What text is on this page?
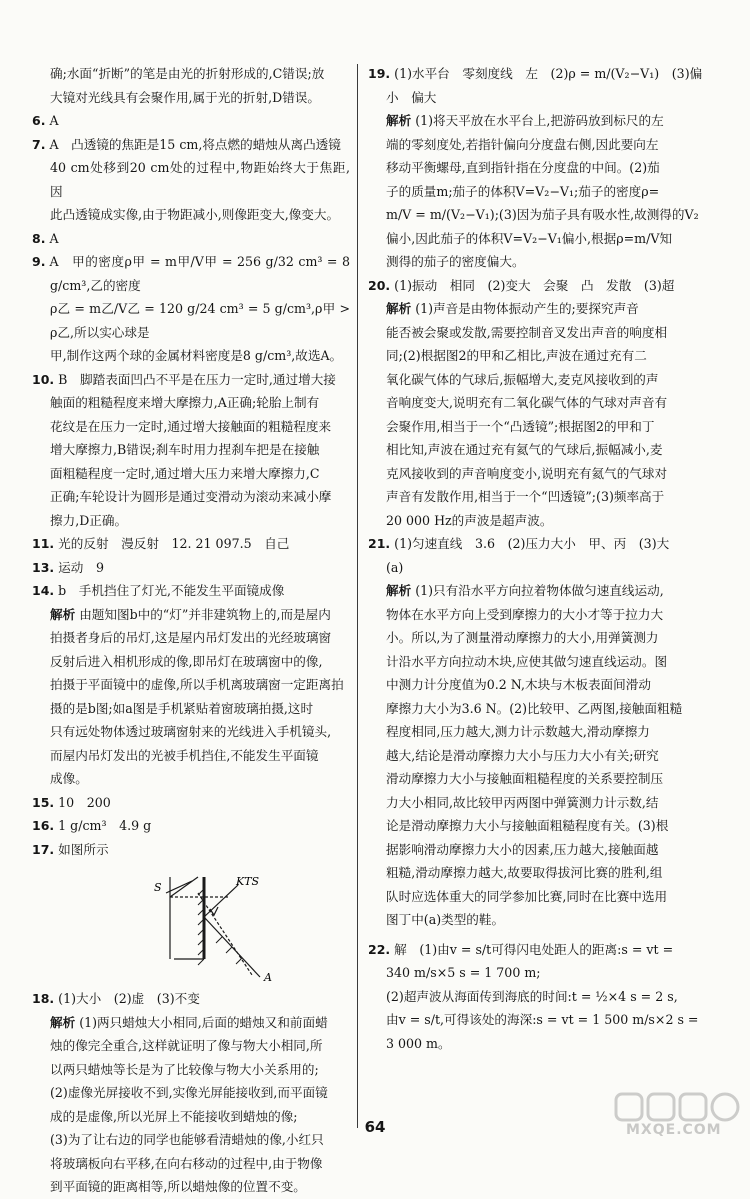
确;水面“折断”的笔是由光的折射形成的,C错误;放

大镜对光线具有会聚作用,属于光的折射,D错误。

6. A

7. A　凸透镜的焦距是15 cm,将点燃的蜡烛从离凸透镜

40 cm处移到20 cm处的过程中,物距始终大于焦距,因

此凸透镜成实像,由于物距减小,则像距变大,像变大。

8. A

9. A　甲的密度ρ甲 = m甲/V甲 = 256 g/32 cm³ = 8 g/cm³,乙的密度

ρ乙 = m乙/V乙 = 120 g/24 cm³ = 5 g/cm³,ρ甲 > ρ乙,所以实心球是

甲,制作这两个球的金属材料密度是8 g/cm³,故选A。

10. B　脚踏表面凹凸不平是在压力一定时,通过增大接

触面的粗糙程度来增大摩擦力,A正确;轮胎上制有

花纹是在压力一定时,通过增大接触面的粗糙程度来

增大摩擦力,B错误;刹车时用力捏刹车把是在接触

面粗糙程度一定时,通过增大压力来增大摩擦力,C

正确;车轮设计为圆形是通过变滑动为滚动来减小摩

擦力,D正确。

11. 光的反射　漫反射　12. 21 097.5　自己

13. 运动　9

14. b　手机挡住了灯光,不能发生平面镜成像

解析 由题知图b中的“灯”并非建筑物上的,而是屋内

拍摄者身后的吊灯,这是屋内吊灯发出的光经玻璃窗

反射后进入相机形成的像,即吊灯在玻璃窗中的像,

拍摄于平面镜中的虚像,所以手机离玻璃窗一定距离拍

摄的是b图;如a图是手机紧贴着窗玻璃拍摄,这时

只有远处物体透过玻璃窗射来的光线进入手机镜头,

而屋内吊灯发出的光被手机挡住,不能发生平面镜

成像。

15. 10　200

16. 1 g/cm³　4.9 g

17. 如图所示

S	KTS
A

18. (1)大小　(2)虚　(3)不变

解析 (1)两只蜡烛大小相同,后面的蜡烛又和前面蜡

烛的像完全重合,这样就证明了像与物大小相同,所

以两只蜡烛等长是为了比较像与物大小关系用的;

(2)虚像光屏接收不到,实像光屏能接收到,而平面镜

成的是虚像,所以光屏上不能接收到蜡烛的像;

(3)为了让右边的同学也能够看清蜡烛的像,小红只

将玻璃板向右平移,在向右移动的过程中,由于物像

到平面镜的距离相等,所以蜡烛像的位置不变。

19. (1)水平台　零刻度线　左　(2)ρ = m/(V₂−V₁)　(3)偏

小　偏大

解析 (1)将天平放在水平台上,把游码放到标尺的左

端的零刻度处,若指针偏向分度盘右侧,因此要向左

移动平衡螺母,直到指针指在分度盘的中间。(2)茄

子的质量m;茄子的体积V=V₂−V₁;茄子的密度ρ=

m/V = m/(V₂−V₁);(3)因为茄子具有吸水性,故测得的V₂

偏小,因此茄子的体积V=V₂−V₁偏小,根据ρ=m/V知

测得的茄子的密度偏大。

20. (1)振动　相同　(2)变大　会聚　凸　发散　(3)超

解析 (1)声音是由物体振动产生的;要探究声音

能否被会聚或发散,需要控制音叉发出声音的响度相

同;(2)根据图2的甲和乙相比,声波在通过充有二

氧化碳气体的气球后,振幅增大,麦克风接收到的声

音响度变大,说明充有二氧化碳气体的气球对声音有

会聚作用,相当于一个“凸透镜”;根据图2的甲和丁

相比知,声波在通过充有氦气的气球后,振幅减小,麦

克风接收到的声音响度变小,说明充有氦气的气球对

声音有发散作用,相当于一个“凹透镜”;(3)频率高于

20 000 Hz的声波是超声波。

21. (1)匀速直线　3.6　(2)压力大小　甲、丙　(3)大

(a)

解析 (1)只有沿水平方向拉着物体做匀速直线运动,

物体在水平方向上受到摩擦力的大小才等于拉力大

小。所以,为了测量滑动摩擦力的大小,用弹簧测力

计沿水平方向拉动木块,应使其做匀速直线运动。图

中测力计分度值为0.2 N,木块与木板表面间滑动

摩擦力大小为3.6 N。(2)比较甲、乙两图,接触面粗糙

程度相同,压力越大,测力计示数越大,滑动摩擦力

越大,结论是滑动摩擦力大小与压力大小有关;研究

滑动摩擦力大小与接触面粗糙程度的关系要控制压

力大小相同,故比较甲丙两图中弹簧测力计示数,结

论是滑动摩擦力大小与接触面粗糙程度有关。(3)根

据影响滑动摩擦力大小的因素,压力越大,接触面越

粗糙,滑动摩擦力越大,故要取得拔河比赛的胜利,组

队时应选体重大的同学参加比赛,同时在比赛中选用

图丁中(a)类型的鞋。

22. 解　(1)由v = s/t可得闪电处距人的距离:s = vt =

340 m/s×5 s = 1 700 m;

(2)超声波从海面传到海底的时间:t = ½×4 s = 2 s,

由v = s/t,可得该处的海深:s = vt = 1 500 m/s×2 s =

3 000 m。

64	MXQE.COM
